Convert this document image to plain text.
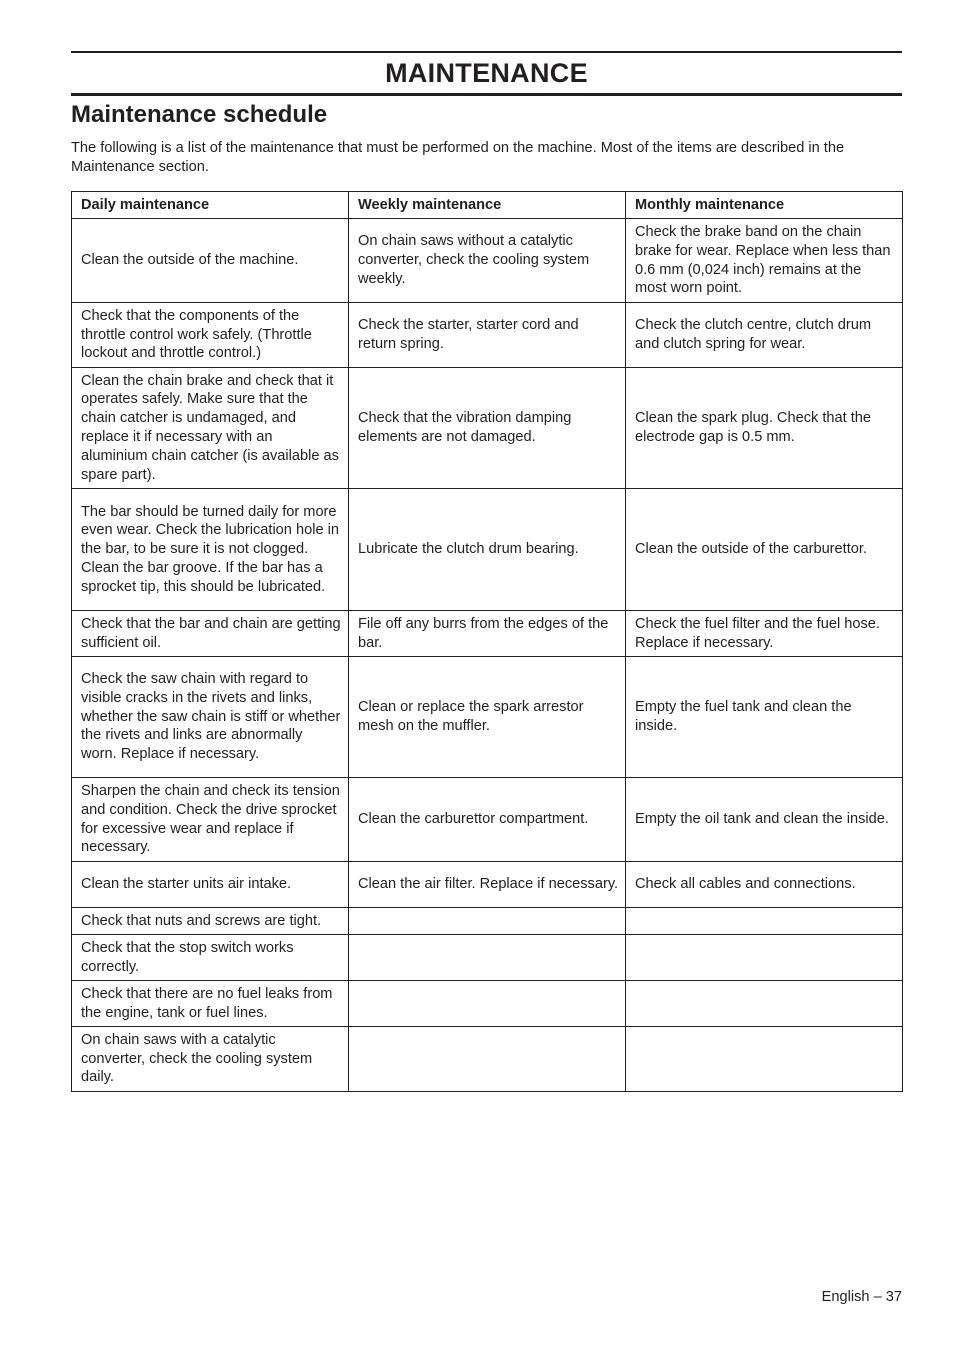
MAINTENANCE
Maintenance schedule

The following is a list of the maintenance that must be performed on the machine. Most of the items are described in the Maintenance section.

Daily maintenance	Weekly maintenance	Monthly maintenance
Clean the outside of the machine.	On chain saws without a catalytic converter, check the cooling system weekly.	Check the brake band on the chain brake for wear. Replace when less than 0.6 mm (0,024 inch) remains at the most worn point.
Check that the components of the throttle control work safely. (Throttle lockout and throttle control.)	Check the starter, starter cord and return spring.	Check the clutch centre, clutch drum and clutch spring for wear.
Clean the chain brake and check that it operates safely. Make sure that the chain catcher is undamaged, and replace it if necessary with an aluminium chain catcher (is available as spare part).	Check that the vibration damping elements are not damaged.	Clean the spark plug. Check that the electrode gap is 0.5 mm.
The bar should be turned daily for more even wear. Check the lubrication hole in the bar, to be sure it is not clogged. Clean the bar groove. If the bar has a sprocket tip, this should be lubricated.	Lubricate the clutch drum bearing.	Clean the outside of the carburettor.
Check that the bar and chain are getting sufficient oil.	File off any burrs from the edges of the bar.	Check the fuel filter and the fuel hose. Replace if necessary.
Check the saw chain with regard to visible cracks in the rivets and links, whether the saw chain is stiff or whether the rivets and links are abnormally worn. Replace if necessary.	Clean or replace the spark arrestor mesh on the muffler.	Empty the fuel tank and clean the inside.
Sharpen the chain and check its tension and condition. Check the drive sprocket for excessive wear and replace if necessary.	Clean the carburettor compartment.	Empty the oil tank and clean the inside.
Clean the starter units air intake.	Clean the air filter. Replace if necessary.	Check all cables and connections.
Check that nuts and screws are tight.		
Check that the stop switch works correctly.		
Check that there are no fuel leaks from the engine, tank or fuel lines.		
On chain saws with a catalytic converter, check the cooling system daily.		

English – 37
